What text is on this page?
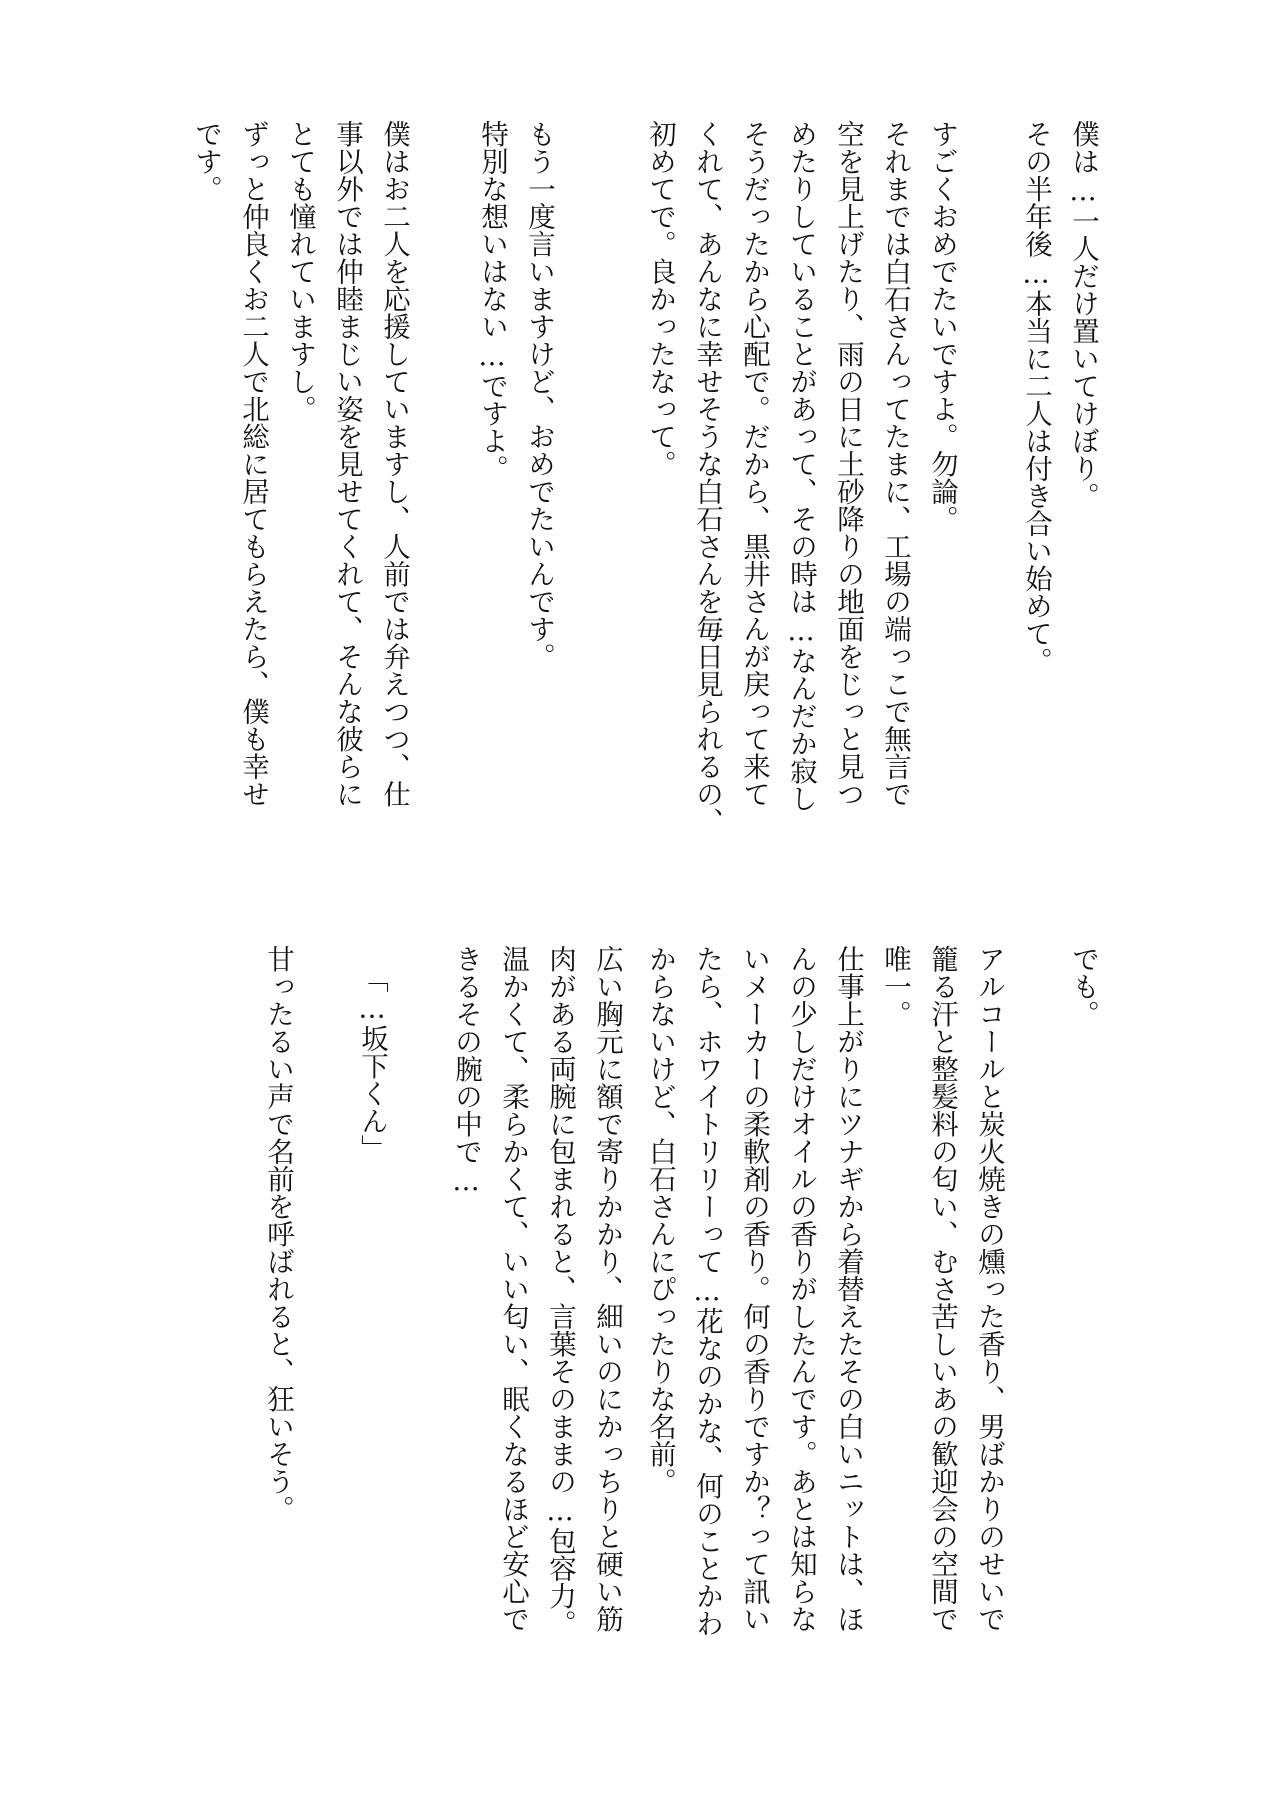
僕は…一人だけ置いてけぼり。
その半年後…本当に二人は付き合い始めて。
すごくおめでたいですよ。勿論。
それまでは白石さんってたまに、工場の端っこで無言で
空を見上げたり、雨の日に土砂降りの地面をじっと見つ
めたりしていることがあって、その時は…なんだか寂し
そうだったから心配で。だから、黒井さんが戻って来て
くれて、あんなに幸せそうな白石さんを毎日見られるの、
初めてで。良かったなって。
もう一度言いますけど、おめでたいんです。
特別な想いはない…ですよ。
僕はお二人を応援していますし、人前では弁えつつ、仕
事以外では仲睦まじい姿を見せてくれて、そんな彼らに
とても憧れていますし。
ずっと仲良くお二人で北総に居てもらえたら、僕も幸せ
です。
でも。
アルコールと炭火焼きの燻った香り、男ばかりのせいで
籠る汗と整髪料の匂い、むさ苦しいあの歓迎会の空間で
唯一。
仕事上がりにツナギから着替えたその白いニットは、ほ
んの少しだけオイルの香りがしたんです。あとは知らな
いメーカーの柔軟剤の香り。何の香りですか？って訊い
たら、ホワイトリリーって…花なのかな、何のことかわ
からないけど、白石さんにぴったりな名前。
広い胸元に額で寄りかかり、細いのにかっちりと硬い筋
肉がある両腕に包まれると、言葉そのままの…包容力。
温かくて、柔らかくて、いい匂い、眠くなるほど安心で
きるその腕の中で…
「…坂下くん」
甘ったるい声で名前を呼ばれると、狂いそう。
